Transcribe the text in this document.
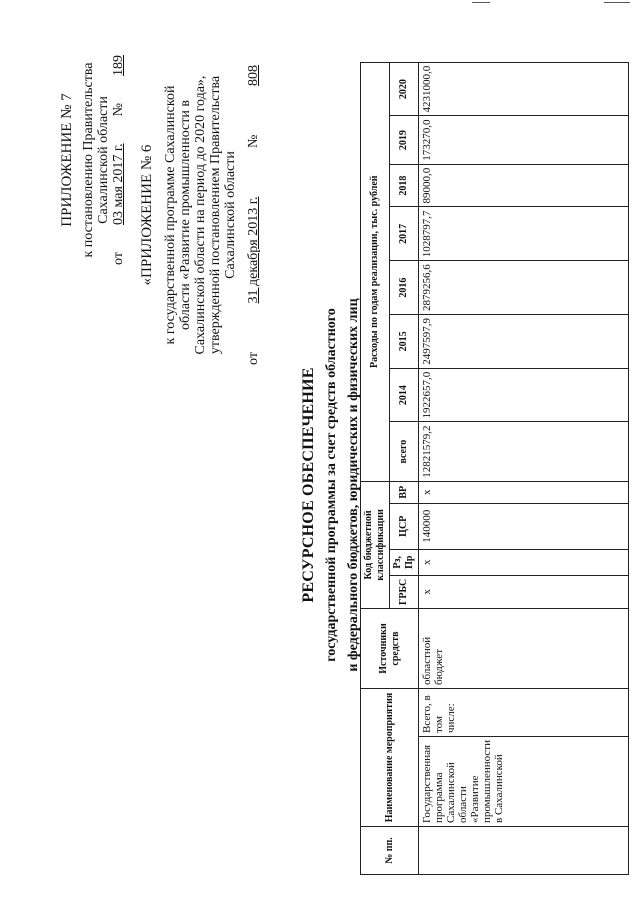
ПРИЛОЖЕНИЕ № 7 к постановлению Правительства Сахалинской области
от
03 мая 2017 г.
№
189
«ПРИЛОЖЕНИЕ № 6 к государственной программе Сахалинской области «Развитие промышленности в Сахалинской области на период до 2020 года», утвержденной постановлением Правительства Сахалинской области
от
31 декабря 2013 г.
№
808
РЕСУРСНОЕ ОБЕСПЕЧЕНИЕ государственной программы за счет средств областного и федерального бюджетов, юридических и физических лиц
№ пп.	Наименование мероприятия		Источники средств	Код бюджетной классификации				Расходы по годам реализации, тыс. рублей							
				ГРБС	Рз, Пр	ЦСР	ВР	всего	2014	2015	2016	2017	2018	2019	2020
	Государственная программа Сахалинской области «Развитие промышленности в Сахалинской	Всего, в том числе:	областной бюджет	x	x	140000	x	12821579,2	1922657,0	2497597,9	2879256,6	1028797,7	89000,0	173270,0	4231000,0
